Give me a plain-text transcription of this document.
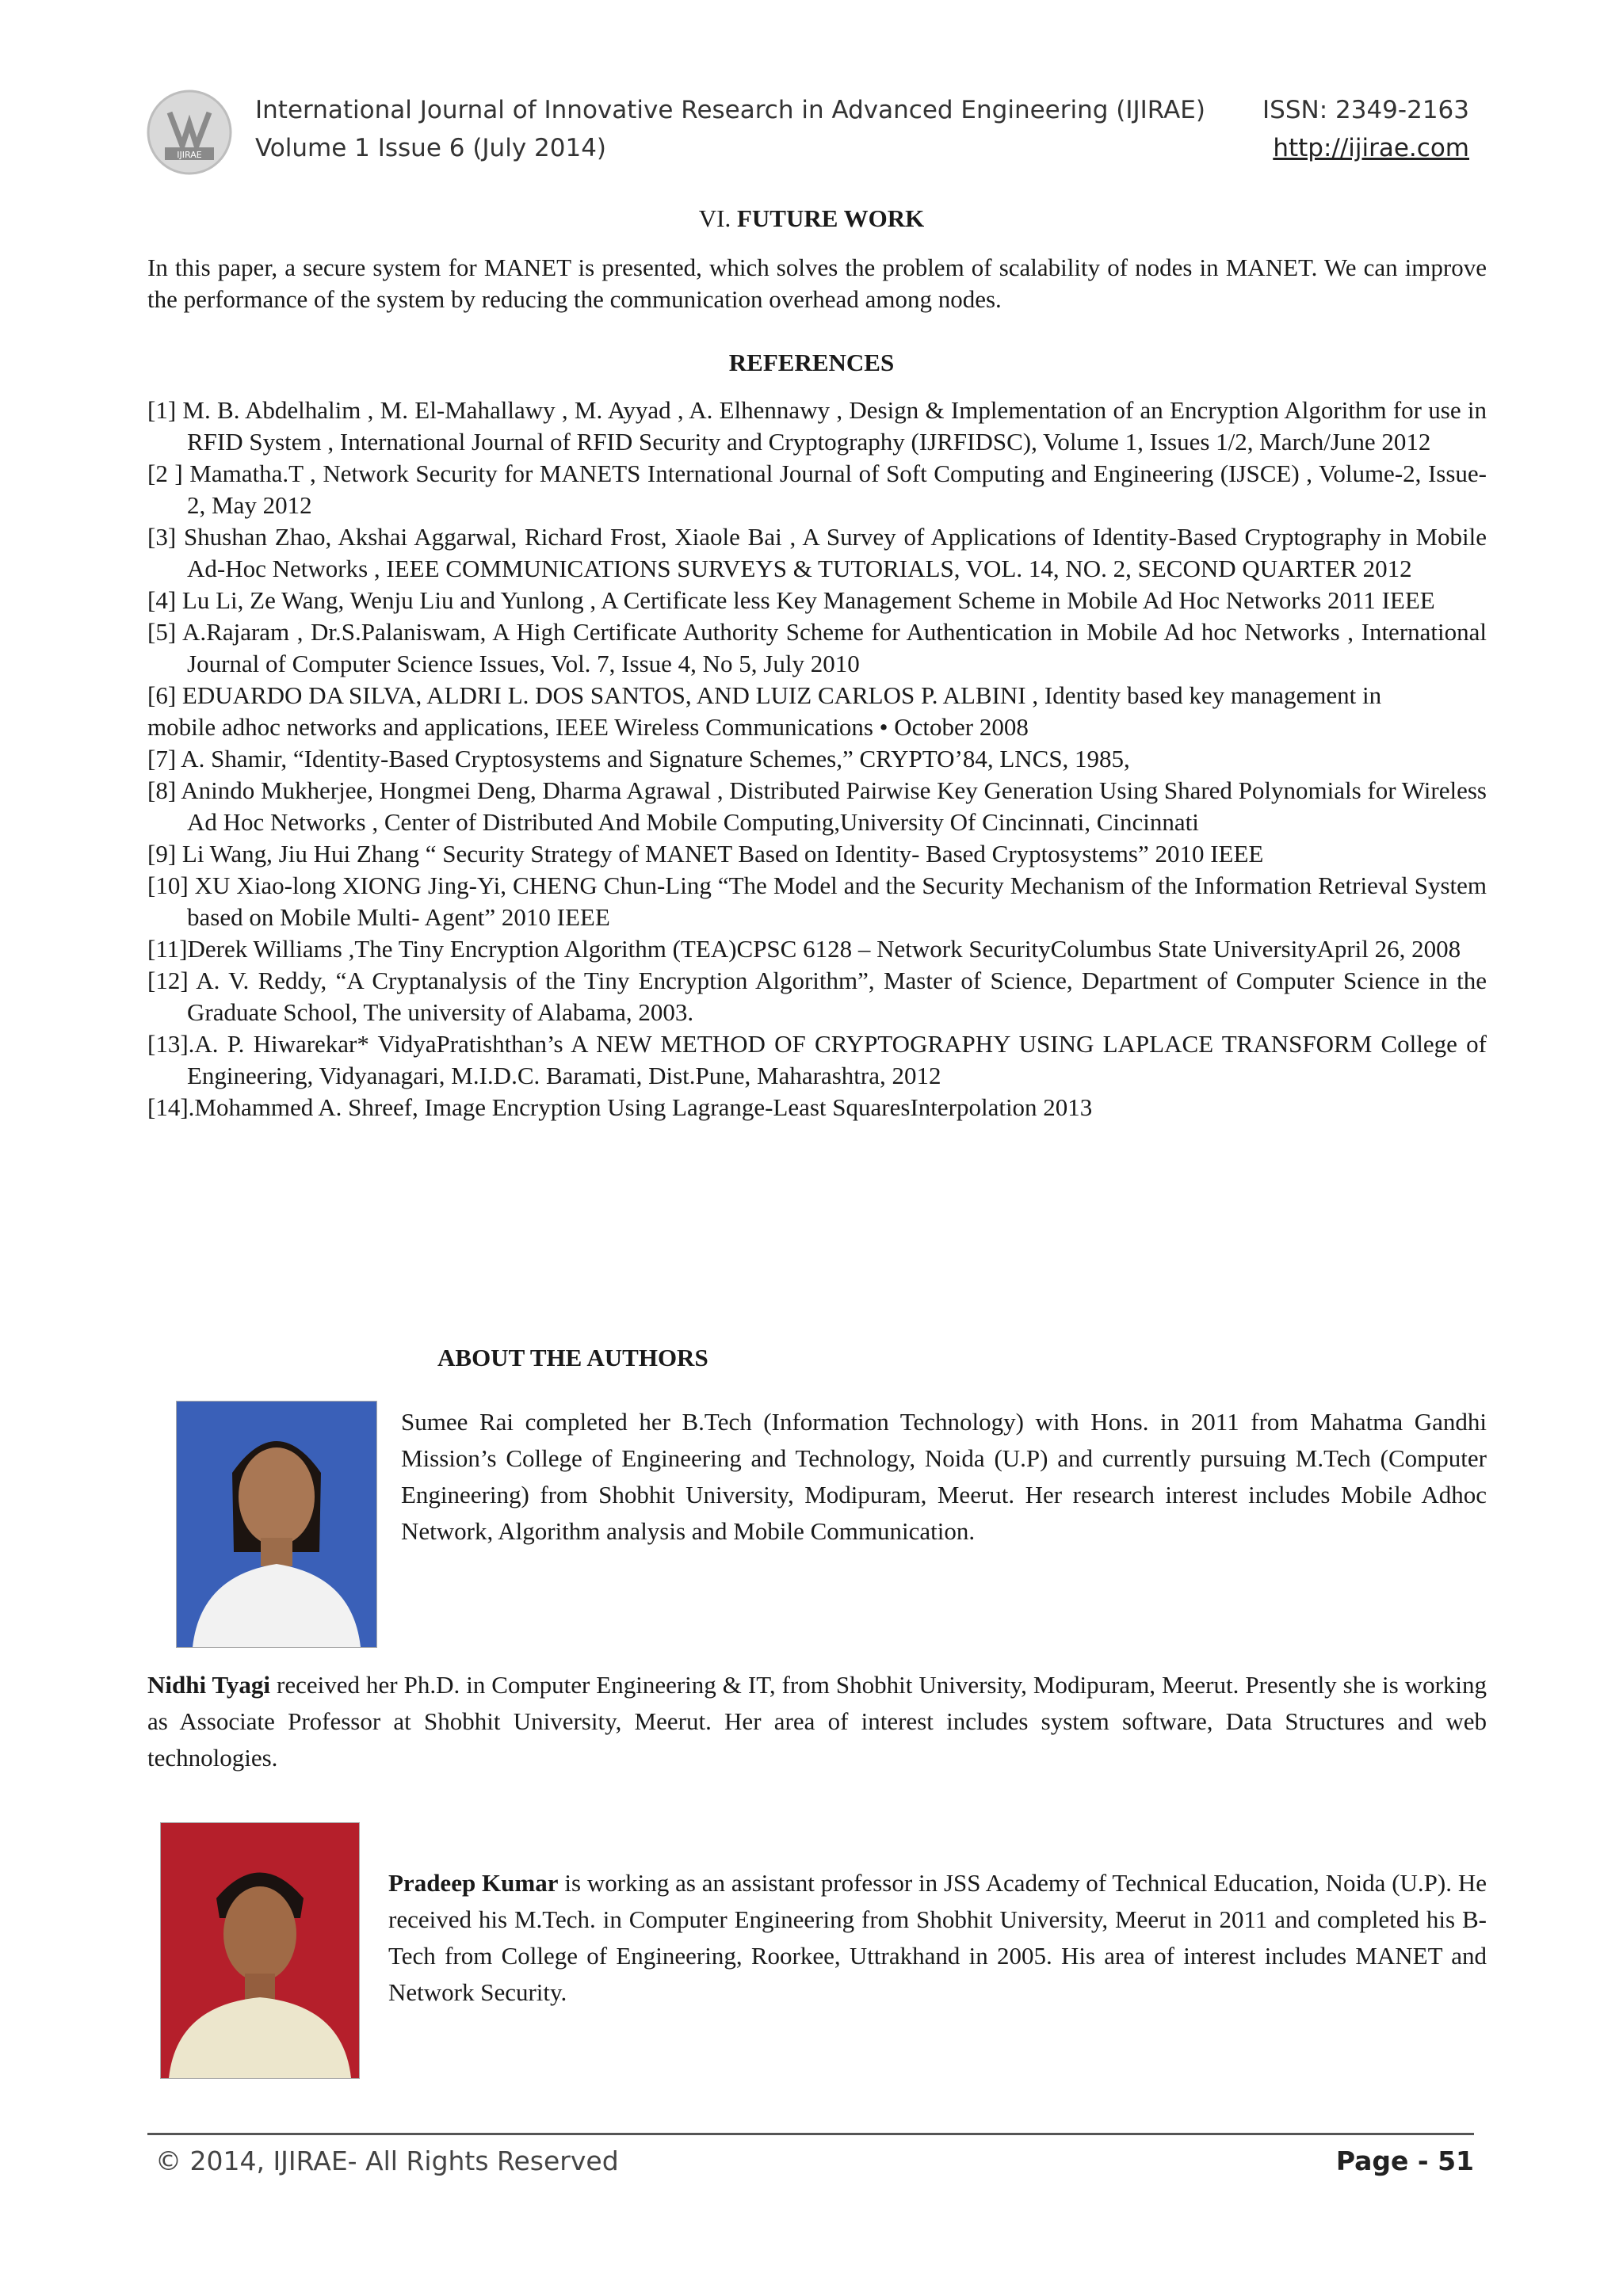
IJIRAE
International Journal of Innovative Research in Advanced Engineering (IJIRAE) ISSN: 2349-2163
Volume 1 Issue 6 (July 2014)	http://ijirae.com
VI. FUTURE WORK
In this paper, a secure system for MANET is presented, which solves the problem of scalability of nodes in MANET. We can improve the performance of the system by reducing the communication overhead among nodes.
REFERENCES

[1] M. B. Abdelhalim , M. El-Mahallawy , M. Ayyad , A. Elhennawy , Design & Implementation of an Encryption Algorithm for use in RFID System , International Journal of RFID Security and Cryptography (IJRFIDSC), Volume 1, Issues 1/2, March/June 2012

[2 ] Mamatha.T , Network Security for MANETS International Journal of Soft Computing and Engineering (IJSCE) , Volume-2, Issue-2, May 2012

[3] Shushan Zhao, Akshai Aggarwal, Richard Frost, Xiaole Bai , A Survey of Applications of Identity-Based Cryptography in Mobile Ad-Hoc Networks , IEEE COMMUNICATIONS SURVEYS & TUTORIALS, VOL. 14, NO. 2, SECOND QUARTER 2012

[4] Lu Li, Ze Wang, Wenju Liu and Yunlong , A Certificate less Key Management Scheme in Mobile Ad Hoc Networks 2011 IEEE

[5] A.Rajaram , Dr.S.Palaniswam, A High Certificate Authority Scheme for Authentication in Mobile Ad hoc Networks , International Journal of Computer Science Issues, Vol. 7, Issue 4, No 5, July 2010

[6] EDUARDO DA SILVA, ALDRI L. DOS SANTOS, AND LUIZ CARLOS P. ALBINI , Identity based key management in

mobile adhoc networks and applications, IEEE Wireless Communications • October 2008

[7] A. Shamir, “Identity-Based Cryptosystems and Signature Schemes,” CRYPTO’84, LNCS, 1985,

[8] Anindo Mukherjee, Hongmei Deng, Dharma Agrawal , Distributed Pairwise Key Generation Using Shared Polynomials for Wireless Ad Hoc Networks , Center of Distributed And Mobile Computing,University Of Cincinnati, Cincinnati

[9] Li Wang, Jiu Hui Zhang “ Security Strategy of MANET Based on Identity- Based Cryptosystems” 2010 IEEE

[10] XU Xiao-long XIONG Jing-Yi, CHENG Chun-Ling “The Model and the Security Mechanism of the Information Retrieval System based on Mobile Multi- Agent” 2010 IEEE

[11]Derek Williams ,The Tiny Encryption Algorithm (TEA)CPSC 6128 – Network SecurityColumbus State UniversityApril 26, 2008

[12] A. V. Reddy, “A Cryptanalysis of the Tiny Encryption Algorithm”, Master of Science, Department of Computer Science in the Graduate School, The university of Alabama, 2003.

[13].A. P. Hiwarekar* VidyaPratishthan’s A NEW METHOD OF CRYPTOGRAPHY USING LAPLACE TRANSFORM College of Engineering, Vidyanagari, M.I.D.C. Baramati, Dist.Pune, Maharashtra, 2012

[14].Mohammed A. Shreef, Image Encryption Using Lagrange-Least SquaresInterpolation 2013

ABOUT THE AUTHORS
Sumee Rai completed her B.Tech (Information Technology) with Hons. in 2011 from Mahatma Gandhi Mission’s College of Engineering and Technology, Noida (U.P) and currently pursuing M.Tech (Computer Engineering) from Shobhit University, Modipuram, Meerut. Her research interest includes Mobile Adhoc Network, Algorithm analysis and Mobile Communication.
Nidhi Tyagi received her Ph.D. in Computer Engineering & IT, from Shobhit University, Modipuram, Meerut. Presently she is working as Associate Professor at Shobhit University, Meerut. Her area of interest includes system software, Data Structures and web technologies.
Pradeep Kumar is working as an assistant professor in JSS Academy of Technical Education, Noida (U.P). He received his M.Tech. in Computer Engineering from Shobhit University, Meerut in 2011 and completed his B-Tech from College of Engineering, Roorkee, Uttrakhand in 2005. His area of interest includes MANET and Network Security.
© 2014, IJIRAE- All Rights Reserved	Page - 51
